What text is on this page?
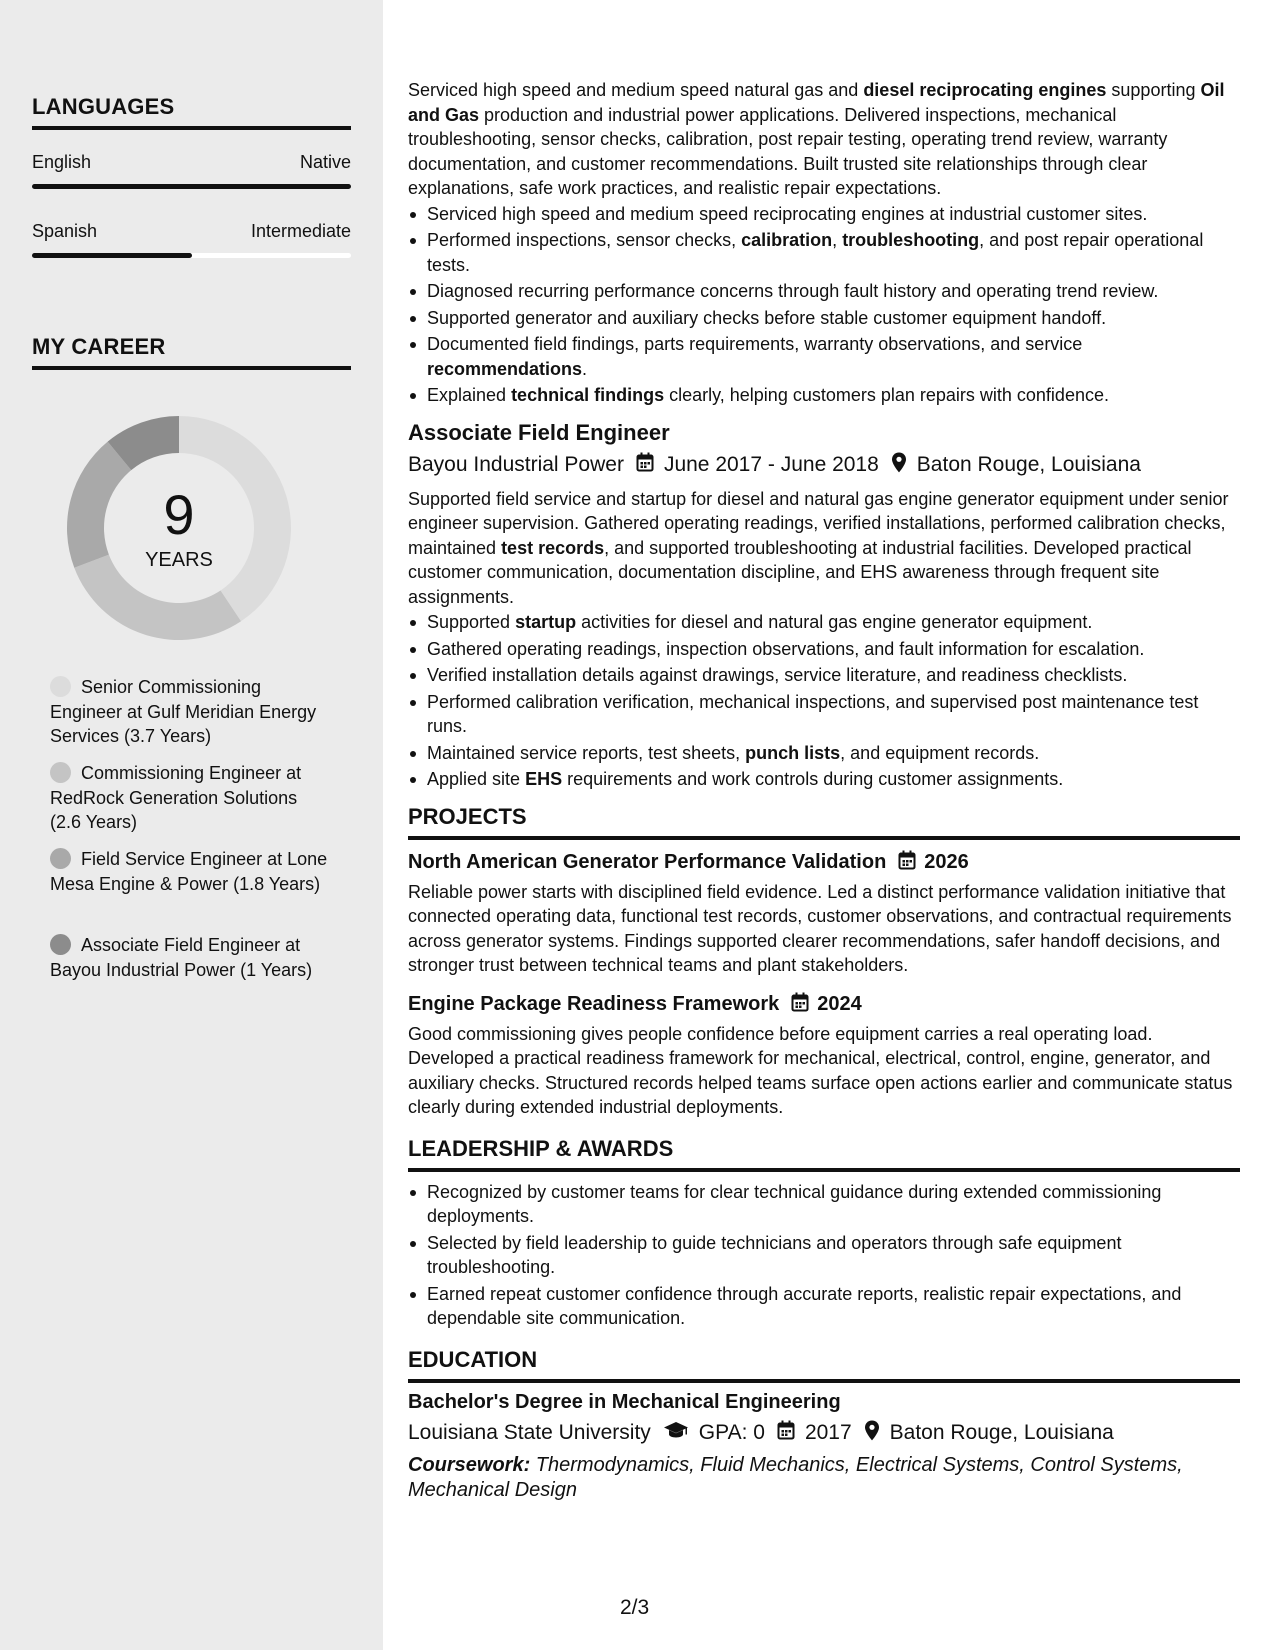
LANGUAGES
English	Native
Spanish	Intermediate
MY CAREER
9
YEARS
Senior Commissioning Engineer at Gulf Meridian Energy Services (3.7 Years)
Commissioning Engineer at RedRock Generation Solutions (2.6 Years)
Field Service Engineer at Lone Mesa Engine & Power (1.8 Years)
Associate Field Engineer at Bayou Industrial Power (1 Years)

Serviced high speed and medium speed natural gas and diesel reciprocating engines supporting Oil and Gas production and industrial power applications. Delivered inspections, mechanical troubleshooting, sensor checks, calibration, post repair testing, operating trend review, warranty documentation, and customer recommendations. Built trusted site relationships through clear explanations, safe work practices, and realistic repair expectations.

Serviced high speed and medium speed reciprocating engines at industrial customer sites.
Performed inspections, sensor checks, calibration, troubleshooting, and post repair operational tests.
Diagnosed recurring performance concerns through fault history and operating trend review.
Supported generator and auxiliary checks before stable customer equipment handoff.
Documented field findings, parts requirements, warranty observations, and service recommendations.
Explained technical findings clearly, helping customers plan repairs with confidence.
Associate Field Engineer
Bayou Industrial Power June 2017 - June 2018 Baton Rouge, Louisiana

Supported field service and startup for diesel and natural gas engine generator equipment under senior engineer supervision. Gathered operating readings, verified installations, performed calibration checks, maintained test records, and supported troubleshooting at industrial facilities. Developed practical customer communication, documentation discipline, and EHS awareness through frequent site assignments.

Supported startup activities for diesel and natural gas engine generator equipment.
Gathered operating readings, inspection observations, and fault information for escalation.
Verified installation details against drawings, service literature, and readiness checklists.
Performed calibration verification, mechanical inspections, and supervised post maintenance test runs.
Maintained service reports, test sheets, punch lists, and equipment records.
Applied site EHS requirements and work controls during customer assignments.
PROJECTS
North American Generator Performance Validation 2026

Reliable power starts with disciplined field evidence. Led a distinct performance validation initiative that connected operating data, functional test records, customer observations, and contractual requirements across generator systems. Findings supported clearer recommendations, safer handoff decisions, and stronger trust between technical teams and plant stakeholders.

Engine Package Readiness Framework 2024

Good commissioning gives people confidence before equipment carries a real operating load. Developed a practical readiness framework for mechanical, electrical, control, engine, generator, and auxiliary checks. Structured records helped teams surface open actions earlier and communicate status clearly during extended industrial deployments.

LEADERSHIP & AWARDS
Recognized by customer teams for clear technical guidance during extended commissioning deployments.
Selected by field leadership to guide technicians and operators through safe equipment troubleshooting.
Earned repeat customer confidence through accurate reports, realistic repair expectations, and dependable site communication.
EDUCATION
Bachelor's Degree in Mechanical Engineering
Louisiana State University GPA: 0 2017 Baton Rouge, Louisiana
Coursework: Thermodynamics, Fluid Mechanics, Electrical Systems, Control Systems, Mechanical Design
2/3
